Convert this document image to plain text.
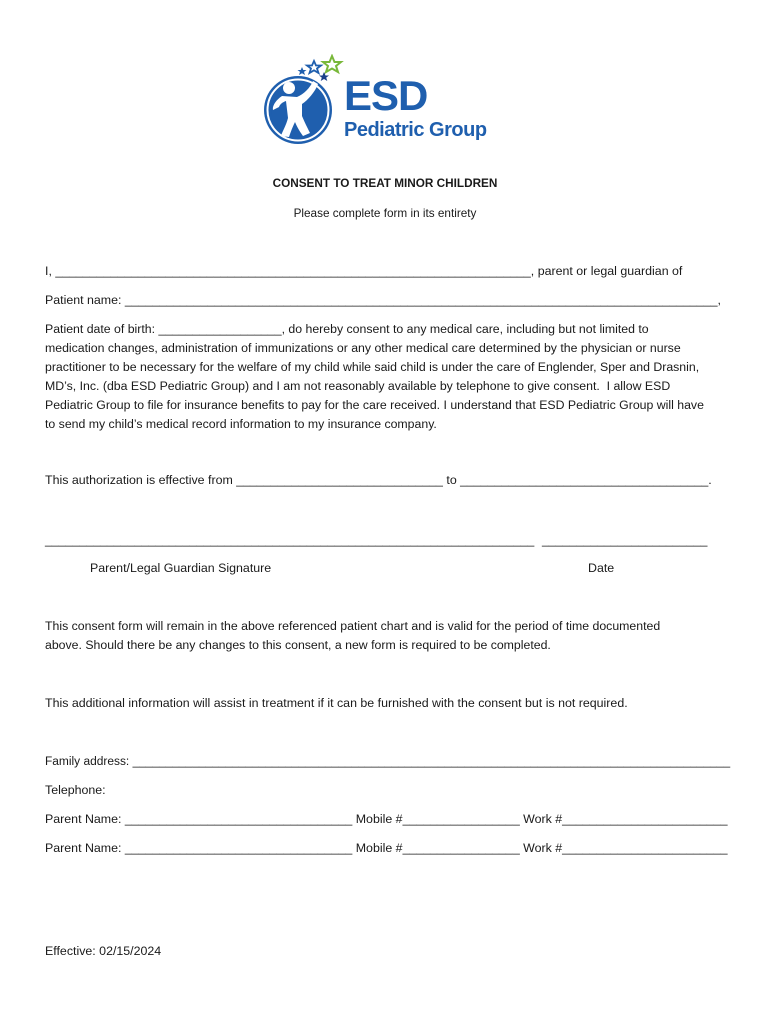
ESD
Pediatric Group
CONSENT TO TREAT MINOR CHILDREN
Please complete form in its entirety
I, _____________________________________________________________________, parent or legal guardian of
Patient name: ______________________________________________________________________________________,
Patient date of birth: __________________, do hereby consent to any medical care, including but not limited to
medication changes, administration of immunizations or any other medical care determined by the physician or nurse
practitioner to be necessary for the welfare of my child while said child is under the care of Englender, Sper and Drasnin,
MD’s, Inc. (dba ESD Pediatric Group) and I am not reasonably available by telephone to give consent.  I allow ESD
Pediatric Group to file for insurance benefits to pay for the care received. I understand that ESD Pediatric Group will have
to send my child’s medical record information to my insurance company.
This authorization is effective from ______________________________ to ____________________________________.
_______________________________________________________________________ ________________________
Parent/Legal Guardian Signature	Date
This consent form will remain in the above referenced patient chart and is valid for the period of time documented
above. Should there be any changes to this consent, a new form is required to be completed.
This additional information will assist in treatment if it can be furnished with the consent but is not required.
Family address: __________________________________________________________________________________________
Telephone:
Parent Name: _________________________________ Mobile #_________________ Work #________________________
Parent Name: _________________________________ Mobile #_________________ Work #________________________
Effective: 02/15/2024
